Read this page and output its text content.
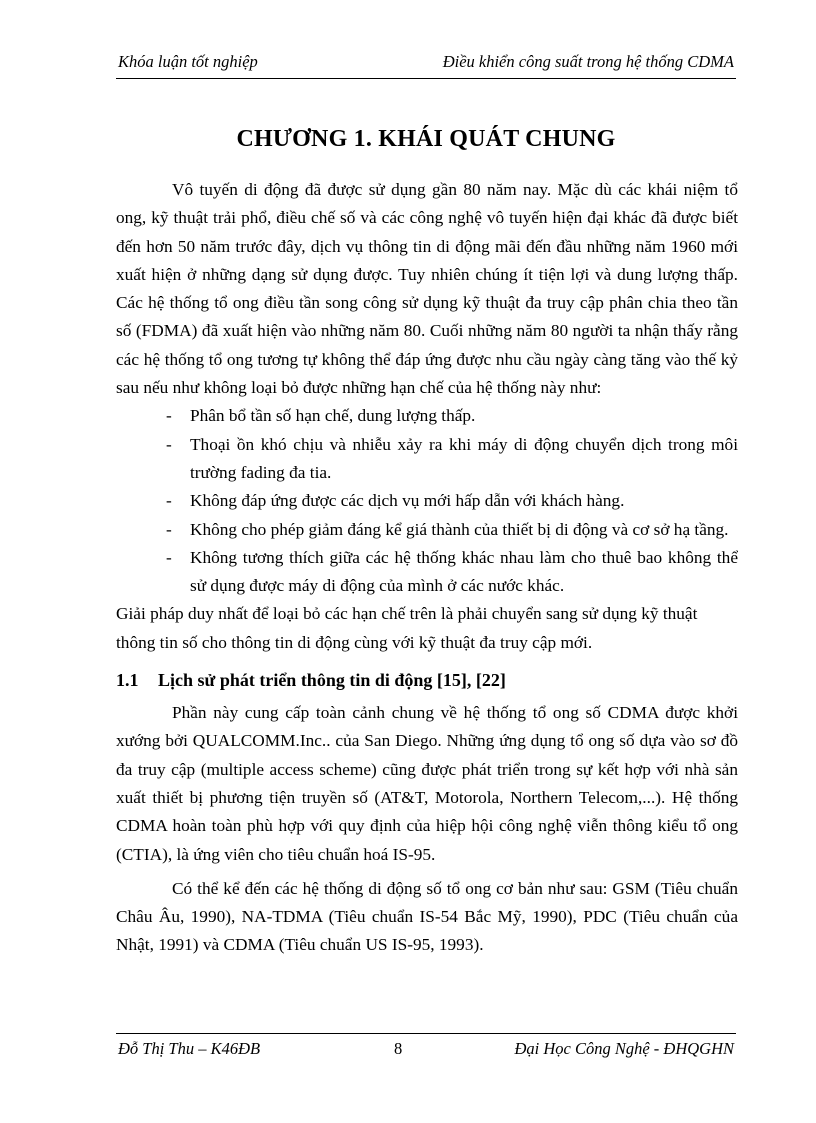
Khóa luận tốt nghiệp	Điều khiển công suất trong hệ thống CDMA
CHƯƠNG 1. KHÁI QUÁT CHUNG

Vô tuyến di động đã được sử dụng gần 80 năm nay. Mặc dù các khái niệm tổ ong, kỹ thuật trải phổ, điều chế số và các công nghệ vô tuyến hiện đại khác đã được biết đến hơn 50 năm trước đây, dịch vụ thông tin di động mãi đến đầu những năm 1960 mới xuất hiện ở những dạng sử dụng được. Tuy nhiên chúng ít tiện lợi và dung lượng thấp. Các hệ thống tổ ong điều tần song công sử dụng kỹ thuật đa truy cập phân chia theo tần số (FDMA) đã xuất hiện vào những năm 80. Cuối những năm 80 người ta nhận thấy rằng các hệ thống tổ ong tương tự không thể đáp ứng được nhu cầu ngày càng tăng vào thế kỷ sau nếu như không loại bỏ được những hạn chế của hệ thống này như:

- Phân bổ tần số hạn chế, dung lượng thấp.
- Thoại ồn khó chịu và nhiễu xảy ra khi máy di động chuyển dịch trong môi trường fading đa tia.
- Không đáp ứng được các dịch vụ mới hấp dẫn với khách hàng.
- Không cho phép giảm đáng kể giá thành của thiết bị di động và cơ sở hạ tầng.
- Không tương thích giữa các hệ thống khác nhau làm cho thuê bao không thể sử dụng được máy di động của mình ở các nước khác.

Giải pháp duy nhất để loại bỏ các hạn chế trên là phải chuyển sang sử dụng kỹ thuật thông tin số cho thông tin di động cùng với kỹ thuật đa truy cập mới.

1.1 Lịch sử phát triển thông tin di động [15], [22]

Phần này cung cấp toàn cảnh chung về hệ thống tổ ong số CDMA được khởi xướng bởi QUALCOMM.Inc.. của San Diego. Những ứng dụng tổ ong số dựa vào sơ đồ đa truy cập (multiple access scheme) cũng được phát triển trong sự kết hợp với nhà sản xuất thiết bị phương tiện truyền số (AT&T, Motorola, Northern Telecom,...). Hệ thống CDMA hoàn toàn phù hợp với quy định của hiệp hội công nghệ viễn thông kiểu tổ ong (CTIA), là ứng viên cho tiêu chuẩn hoá IS-95.

Có thể kể đến các hệ thống di động số tổ ong cơ bản như sau: GSM (Tiêu chuẩn Châu Âu, 1990), NA-TDMA (Tiêu chuẩn IS-54 Bắc Mỹ, 1990), PDC (Tiêu chuẩn của Nhật, 1991) và CDMA (Tiêu chuẩn US IS-95, 1993).

Đỗ Thị Thu – K46ĐB	8	Đại Học Công Nghệ - ĐHQGHN
